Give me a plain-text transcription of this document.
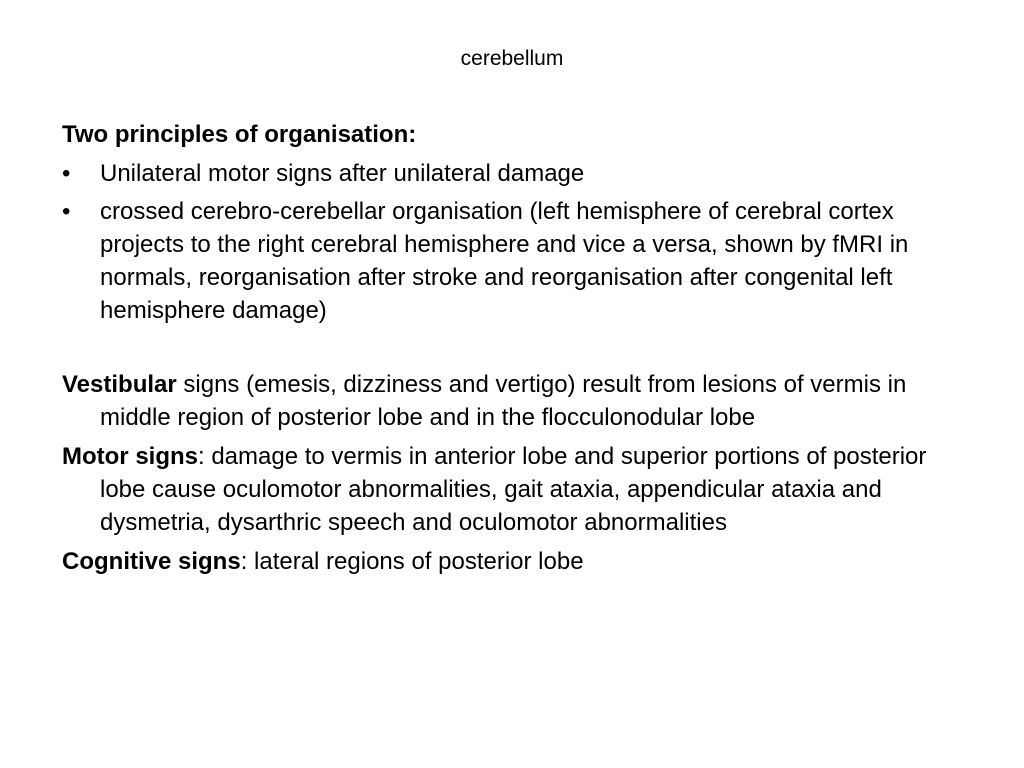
cerebellum
Two principles of organisation:
• Unilateral motor signs after unilateral damage
• crossed cerebro-cerebellar organisation (left hemisphere of cerebral cortex projects to the right cerebral hemisphere and vice a versa, shown by fMRI in normals, reorganisation after stroke and reorganisation after congenital left hemisphere damage)
Vestibular signs (emesis, dizziness and vertigo) result from lesions of vermis in middle region of posterior lobe and in the flocculonodular lobe
Motor signs: damage to vermis in anterior lobe and superior portions of posterior lobe cause oculomotor abnormalities, gait ataxia, appendicular ataxia and dysmetria, dysarthric speech and oculomotor abnormalities
Cognitive signs: lateral regions of posterior lobe
